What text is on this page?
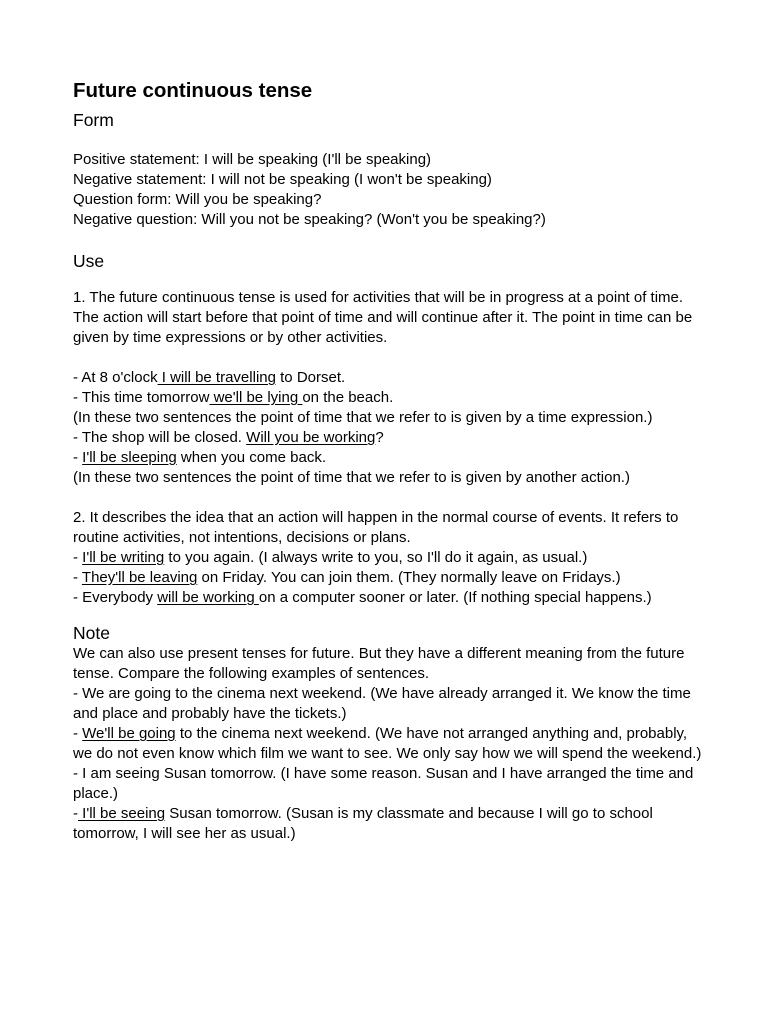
Future continuous tense
Form

Positive statement: I will be speaking (I'll be speaking)

Negative statement: I will not be speaking (I won't be speaking)

Question form: Will you be speaking?

Negative question: Will you not be speaking? (Won't you be speaking?)

Use

1. The future continuous tense is used for activities that will be in progress at a point of time. The action will start before that point of time and will continue after it. The point in time can be given by time expressions or by other activities.

- At 8 o'clock I will be travelling to Dorset.

- This time tomorrow we'll be lying on the beach.

(In these two sentences the point of time that we refer to is given by a time expression.)

- The shop will be closed. Will you be working?

- I'll be sleeping when you come back.

(In these two sentences the point of time that we refer to is given by another action.)

2. It describes the idea that an action will happen in the normal course of events. It refers to routine activities, not intentions, decisions or plans.

- I'll be writing to you again. (I always write to you, so I'll do it again, as usual.)

- They'll be leaving on Friday. You can join them. (They normally leave on Fridays.)

- Everybody will be working on a computer sooner or later. (If nothing special happens.)

Note

We can also use present tenses for future. But they have a different meaning from the future tense. Compare the following examples of sentences.

- We are going to the cinema next weekend. (We have already arranged it. We know the time and place and probably have the tickets.)

- We'll be going to the cinema next weekend. (We have not arranged anything and, probably, we do not even know which film we want to see. We only say how we will spend the weekend.)

- I am seeing Susan tomorrow. (I have some reason. Susan and I have arranged the time and place.)

- I'll be seeing Susan tomorrow. (Susan is my classmate and because I will go to school tomorrow, I will see her as usual.)
